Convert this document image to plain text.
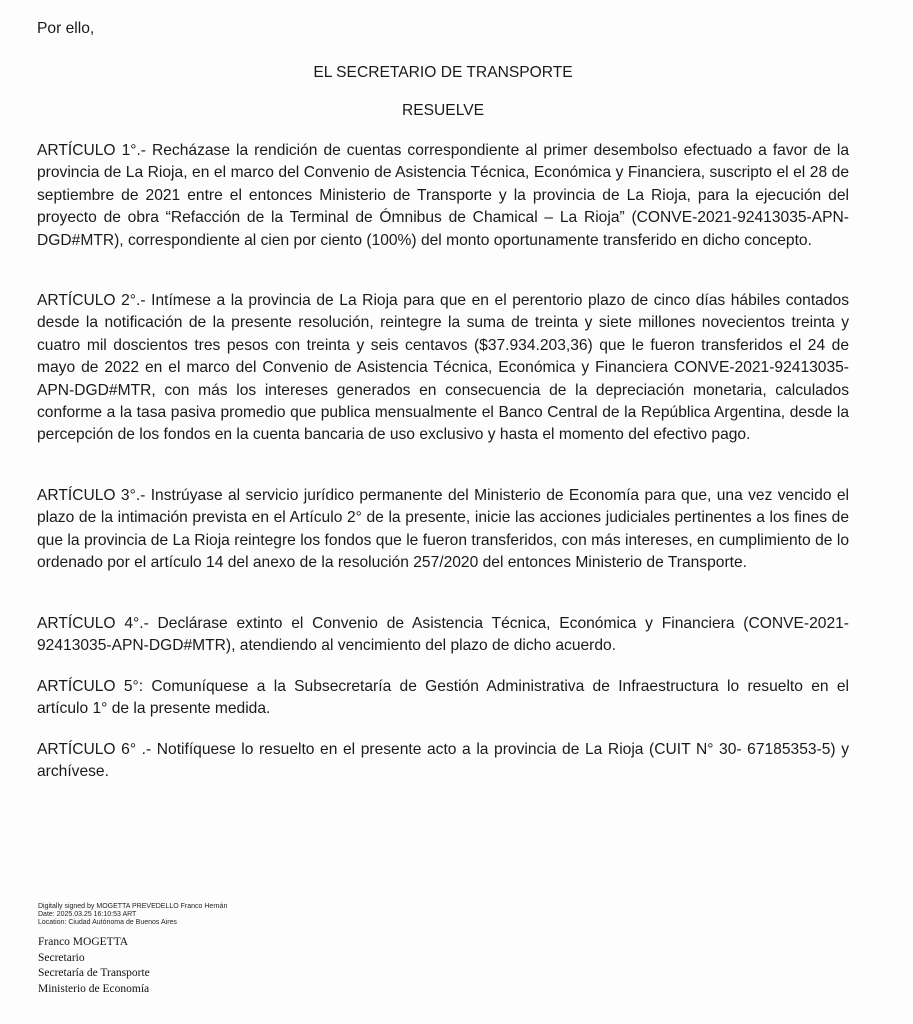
Por ello,
EL SECRETARIO DE TRANSPORTE
RESUELVE

ARTÍCULO 1°.- Recházase la rendición de cuentas correspondiente al primer desembolso efectuado a favor de la provincia de La Rioja, en el marco del Convenio de Asistencia Técnica, Económica y Financiera, suscripto el el 28 de septiembre de 2021 entre el entonces Ministerio de Transporte y la provincia de La Rioja, para la ejecución del proyecto de obra “Refacción de la Terminal de Ómnibus de Chamical – La Rioja” (CONVE-2021-92413035-APN-DGD#MTR), correspondiente al cien por ciento (100%) del monto oportunamente transferido en dicho concepto.

ARTÍCULO 2°.- Intímese a la provincia de La Rioja para que en el perentorio plazo de cinco días hábiles contados desde la notificación de la presente resolución, reintegre la suma de treinta y siete millones novecientos treinta y cuatro mil doscientos tres pesos con treinta y seis centavos ($37.934.203,36) que le fueron transferidos el 24 de mayo de 2022 en el marco del Convenio de Asistencia Técnica, Económica y Financiera CONVE-2021-92413035-APN-DGD#MTR, con más los intereses generados en consecuencia de la depreciación monetaria, calculados conforme a la tasa pasiva promedio que publica mensualmente el Banco Central de la República Argentina, desde la percepción de los fondos en la cuenta bancaria de uso exclusivo y hasta el momento del efectivo pago.

ARTÍCULO 3°.- Instrúyase al servicio jurídico permanente del Ministerio de Economía para que, una vez vencido el plazo de la intimación prevista en el Artículo 2° de la presente, inicie las acciones judiciales pertinentes a los fines de que la provincia de La Rioja reintegre los fondos que le fueron transferidos, con más intereses, en cumplimiento de lo ordenado por el artículo 14 del anexo de la resolución 257/2020 del entonces Ministerio de Transporte.

ARTÍCULO 4°.- Declárase extinto el Convenio de Asistencia Técnica, Económica y Financiera (CONVE-2021-92413035-APN-DGD#MTR), atendiendo al vencimiento del plazo de dicho acuerdo.

ARTÍCULO 5°: Comuníquese a la Subsecretaría de Gestión Administrativa de Infraestructura lo resuelto en el artículo 1° de la presente medida.

ARTÍCULO 6° .- Notifíquese lo resuelto en el presente acto a la provincia de La Rioja (CUIT N° 30- 67185353-5) y archívese.

Digitally signed by MOGETTA PREVEDELLO Franco Hernán
Date: 2025.03.25 16:10:53 ART
Location: Ciudad Autónoma de Buenos Aires
Franco MOGETTA
Secretario
Secretaría de Transporte
Ministerio de Economía
